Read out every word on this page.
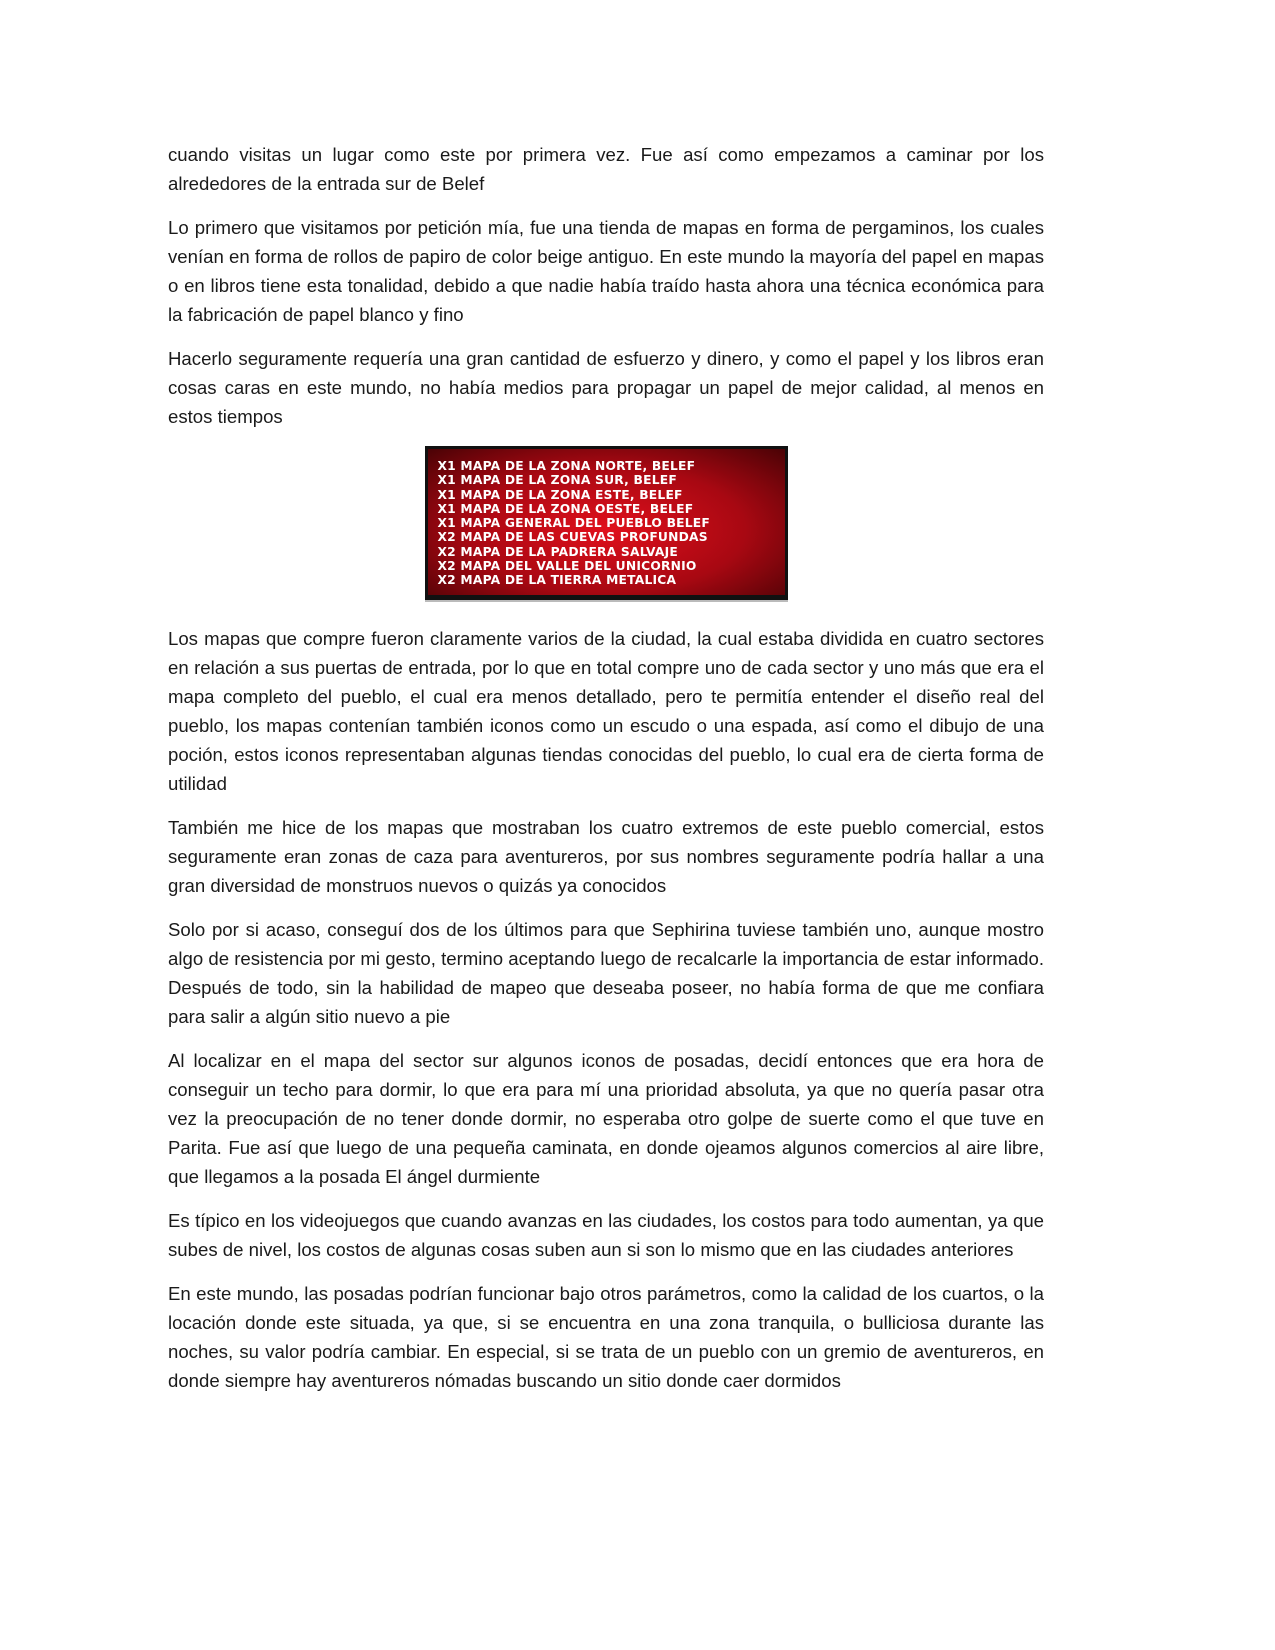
cuando visitas un lugar como este por primera vez. Fue así como empezamos a caminar por los alrededores de la entrada sur de Belef

Lo primero que visitamos por petición mía, fue una tienda de mapas en forma de pergaminos, los cuales venían en forma de rollos de papiro de color beige antiguo. En este mundo la mayoría del papel en mapas o en libros tiene esta tonalidad, debido a que nadie había traído hasta ahora una técnica económica para la fabricación de papel blanco y fino

Hacerlo seguramente requería una gran cantidad de esfuerzo y dinero, y como el papel y los libros eran cosas caras en este mundo, no había medios para propagar un papel de mejor calidad, al menos en estos tiempos

X1 MAPA DE LA ZONA NORTE, BELEF
X1 MAPA DE LA ZONA SUR, BELEF
X1 MAPA DE LA ZONA ESTE, BELEF
X1 MAPA DE LA ZONA OESTE, BELEF
X1 MAPA GENERAL DEL PUEBLO BELEF
X2 MAPA DE LAS CUEVAS PROFUNDAS
X2 MAPA DE LA PADRERA SALVAJE
X2 MAPA DEL VALLE DEL UNICORNIO
X2 MAPA DE LA TIERRA METALICA

Los mapas que compre fueron claramente varios de la ciudad, la cual estaba dividida en cuatro sectores en relación a sus puertas de entrada, por lo que en total compre uno de cada sector y uno más que era el mapa completo del pueblo, el cual era menos detallado, pero te permitía entender el diseño real del pueblo, los mapas contenían también iconos como un escudo o una espada, así como el dibujo de una poción, estos iconos representaban algunas tiendas conocidas del pueblo, lo cual era de cierta forma de utilidad

También me hice de los mapas que mostraban los cuatro extremos de este pueblo comercial, estos seguramente eran zonas de caza para aventureros, por sus nombres seguramente podría hallar a una gran diversidad de monstruos nuevos o quizás ya conocidos

Solo por si acaso, conseguí dos de los últimos para que Sephirina tuviese también uno, aunque mostro algo de resistencia por mi gesto, termino aceptando luego de recalcarle la importancia de estar informado. Después de todo, sin la habilidad de mapeo que deseaba poseer, no había forma de que me confiara para salir a algún sitio nuevo a pie

Al localizar en el mapa del sector sur algunos iconos de posadas, decidí entonces que era hora de conseguir un techo para dormir, lo que era para mí una prioridad absoluta, ya que no quería pasar otra vez la preocupación de no tener donde dormir, no esperaba otro golpe de suerte como el que tuve en Parita. Fue así que luego de una pequeña caminata, en donde ojeamos algunos comercios al aire libre, que llegamos a la posada El ángel durmiente

Es típico en los videojuegos que cuando avanzas en las ciudades, los costos para todo aumentan, ya que subes de nivel, los costos de algunas cosas suben aun si son lo mismo que en las ciudades anteriores

En este mundo, las posadas podrían funcionar bajo otros parámetros, como la calidad de los cuartos, o la locación donde este situada, ya que, si se encuentra en una zona tranquila, o bulliciosa durante las noches, su valor podría cambiar. En especial, si se trata de un pueblo con un gremio de aventureros, en donde siempre hay aventureros nómadas buscando un sitio donde caer dormidos
